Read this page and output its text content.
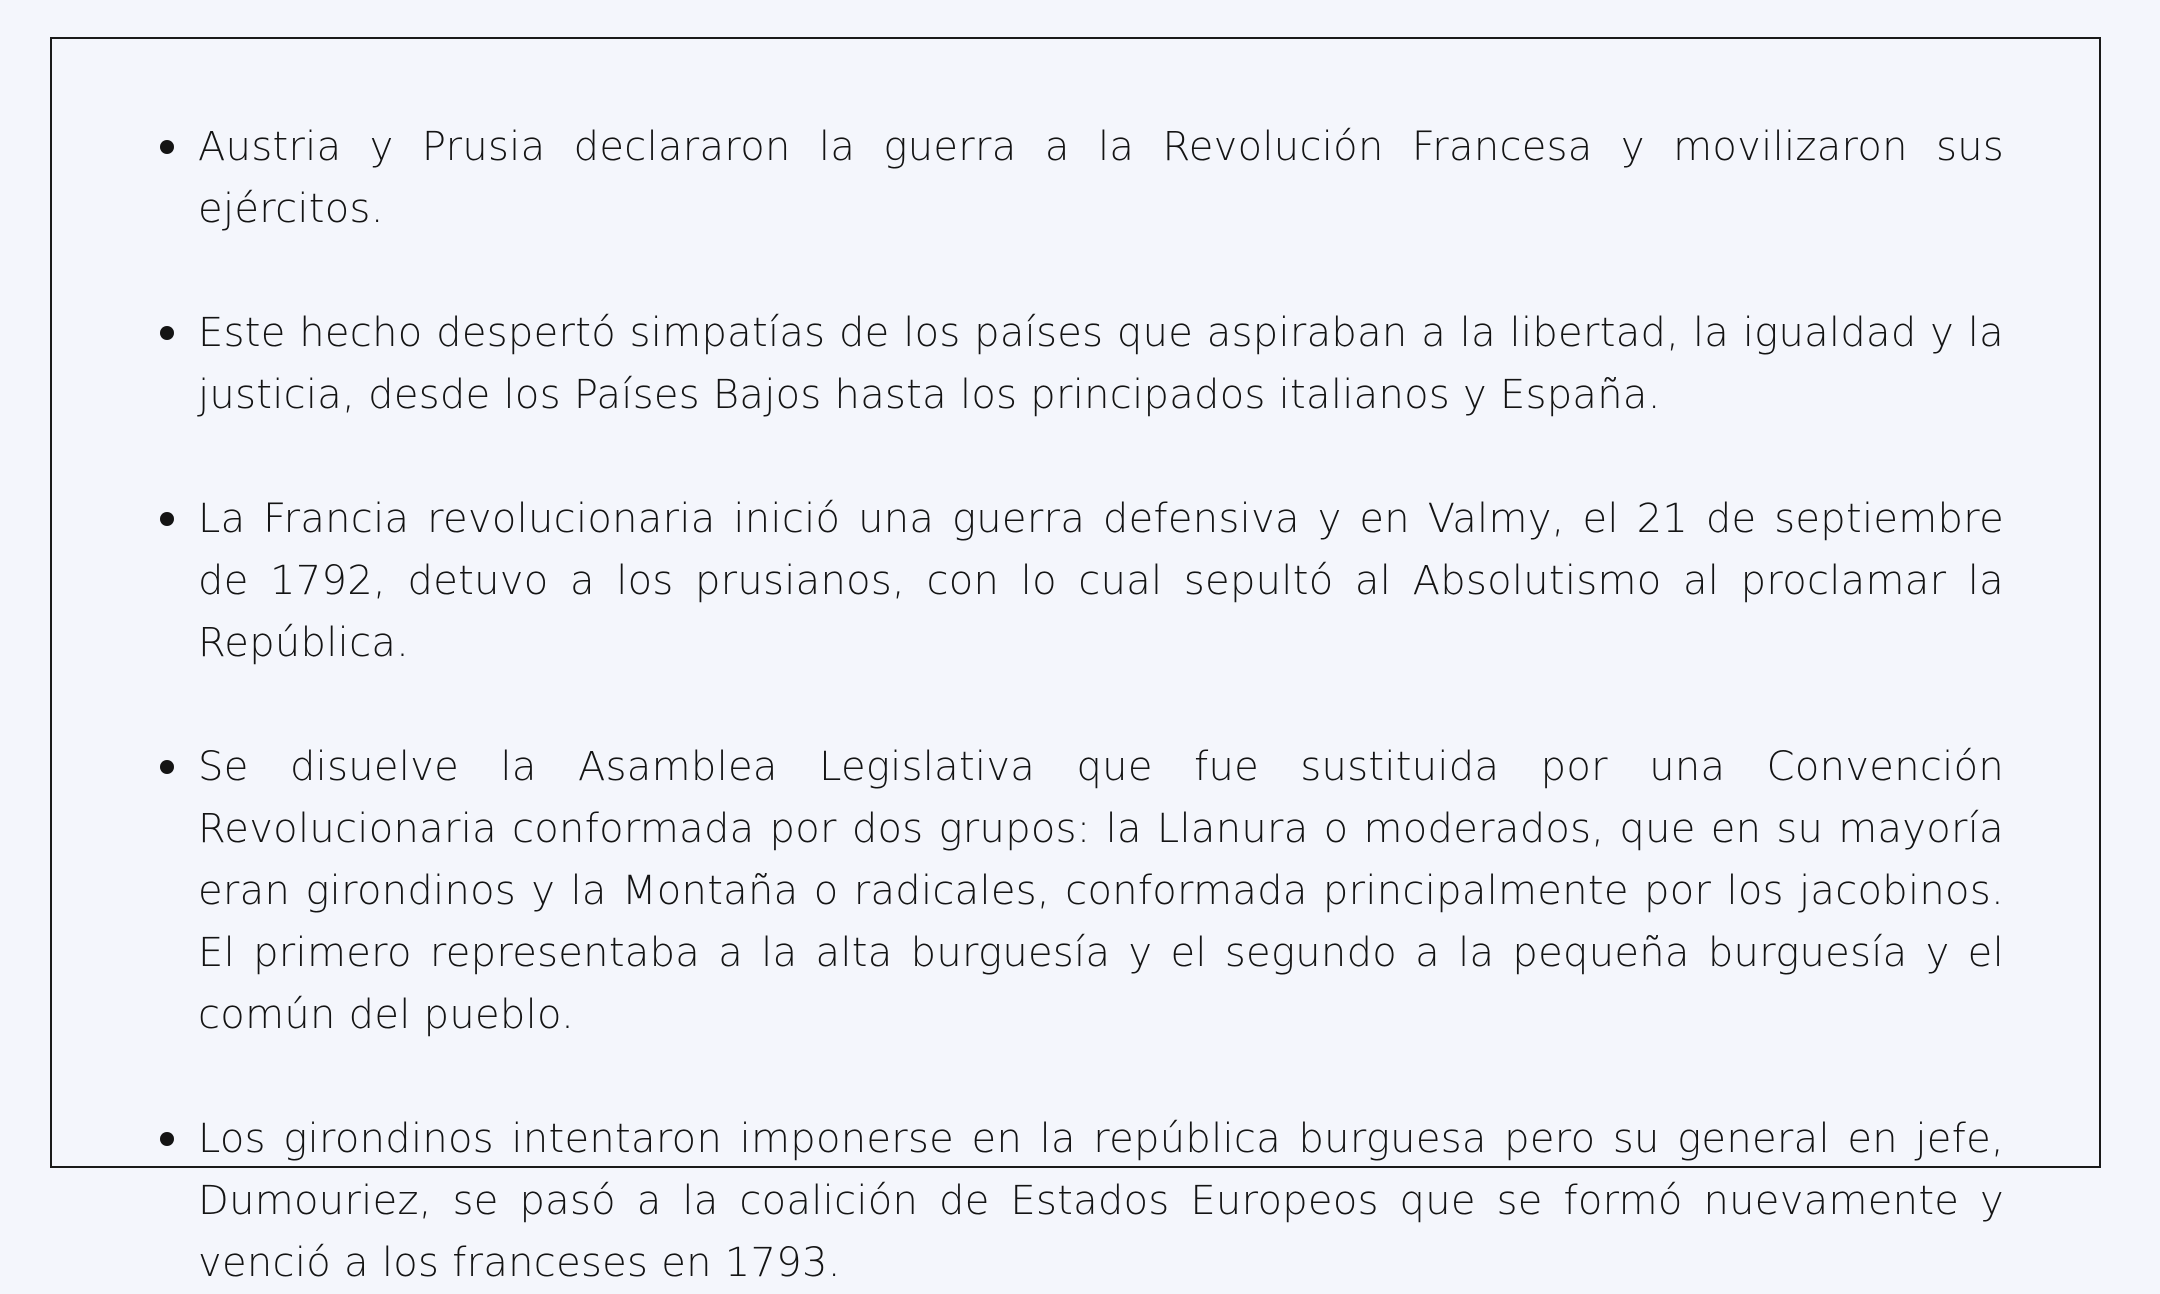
Austria y Prusia declararon la guerra a la Revolución Francesa y movilizaron sus ejércitos.
Este hecho despertó simpatías de los países que aspiraban a la libertad, la igualdad y la justicia, desde los Países Bajos hasta los principados italianos y España.
La Francia revolucionaria inició una guerra defensiva y en Valmy, el 21 de septiembre de 1792, detuvo a los prusianos, con lo cual sepultó al Absolutismo al proclamar la República.
Se disuelve la Asamblea Legislativa que fue sustituida por una Convención Revolucionaria conformada por dos grupos: la Llanura o moderados, que en su mayoría eran girondinos y la Montaña o radicales, conformada principalmente por los jacobinos. El primero representaba a la alta burguesía y el segundo a la pequeña burguesía y el común del pueblo.
Los girondinos intentaron imponerse en la república burguesa pero su general en jefe, Dumouriez, se pasó a la coalición de Estados Europeos que se formó nuevamente y venció a los franceses en 1793.
